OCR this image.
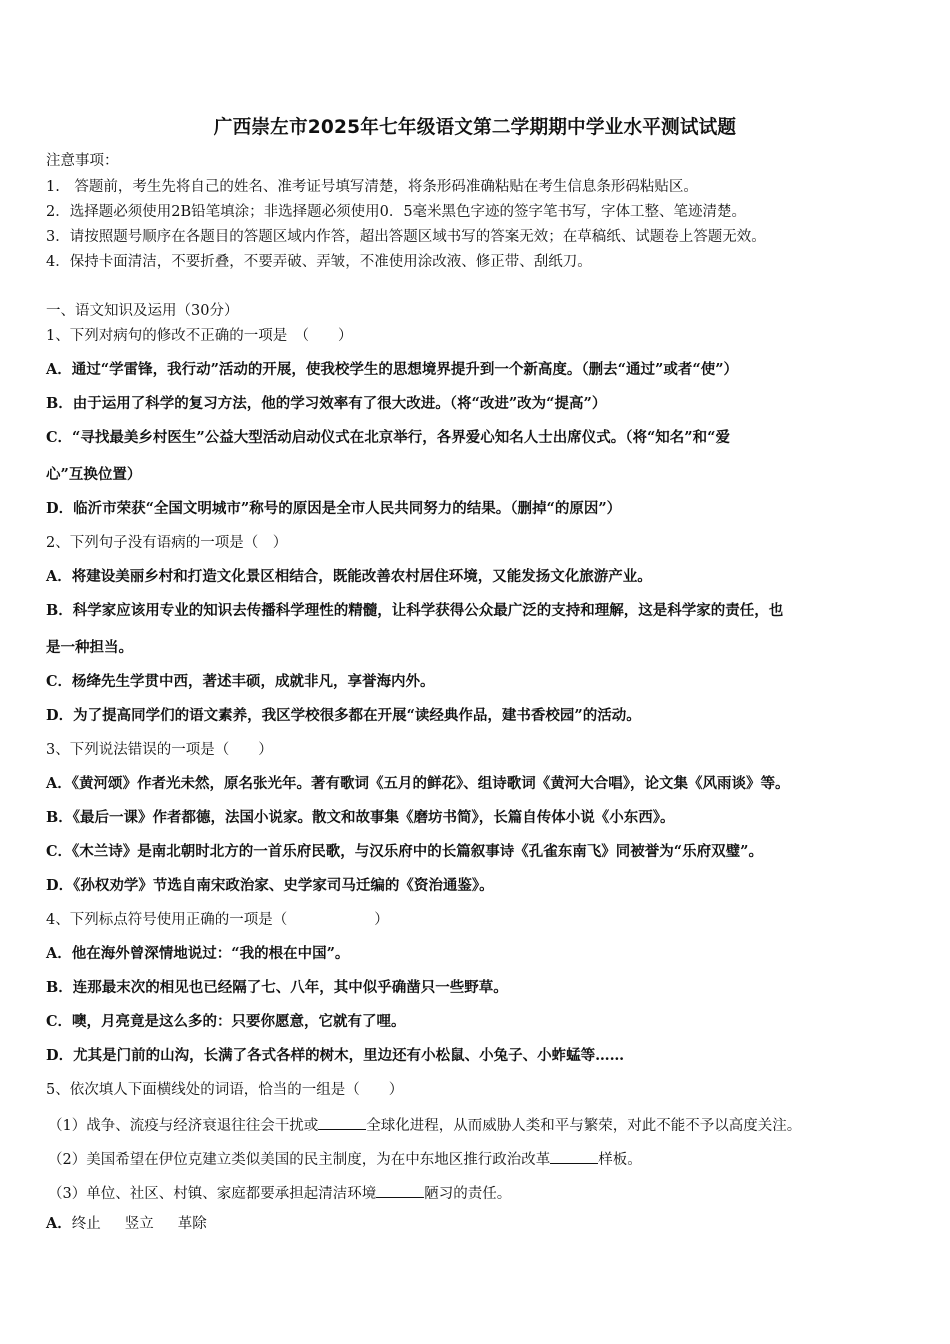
广西崇左市2025年七年级语文第二学期期中学业水平测试试题
注意事项：
1.　答题前，考生先将自己的姓名、准考证号填写清楚，将条形码准确粘贴在考生信息条形码粘贴区。
2．选择题必须使用2B铅笔填涂；非选择题必须使用0．5毫米黑色字迹的签字笔书写，字体工整、笔迹清楚。
3．请按照题号顺序在各题目的答题区域内作答，超出答题区域书写的答案无效；在草稿纸、试题卷上答题无效。
4．保持卡面清洁，不要折叠，不要弄破、弄皱，不准使用涂改液、修正带、刮纸刀。
一、语文知识及运用（30分）
1、下列对病句的修改不正确的一项是　（　　）
A．通过“学雷锋，我行动”活动的开展，使我校学生的思想境界提升到一个新高度。（删去“通过”或者“使”）
B．由于运用了科学的复习方法，他的学习效率有了很大改进。（将“改进”改为“提高”）
C．“寻找最美乡村医生”公益大型活动启动仪式在北京举行，各界爱心知名人士出席仪式。（将“知名”和“爱
心”互换位置）
D．临沂市荣获“全国文明城市”称号的原因是全市人民共同努力的结果。（删掉“的原因”）
2、下列句子没有语病的一项是（　）
A．将建设美丽乡村和打造文化景区相结合，既能改善农村居住环境，又能发扬文化旅游产业。
B．科学家应该用专业的知识去传播科学理性的精髓，让科学获得公众最广泛的支持和理解，这是科学家的责任，也
是一种担当。
C．杨绛先生学贯中西，著述丰硕，成就非凡，享誉海内外。
D．为了提高同学们的语文素养，我区学校很多都在开展“读经典作品，建书香校园”的活动。
3、下列说法错误的一项是（　　）
A．《黄河颂》作者光未然，原名张光年。著有歌词《五月的鲜花》、组诗歌词《黄河大合唱》，论文集《风雨谈》等。
B．《最后一课》作者都德，法国小说家。散文和故事集《磨坊书简》，长篇自传体小说《小东西》。
C．《木兰诗》是南北朝时北方的一首乐府民歌，与汉乐府中的长篇叙事诗《孔雀东南飞》同被誉为“乐府双璧”。
D．《孙权劝学》节选自南宋政治家、史学家司马迁编的《资治通鉴》。
4、下列标点符号使用正确的一项是（　　　　　　）
A．他在海外曾深情地说过：“我的根在中国”。
B．连那最末次的相见也已经隔了七、八年，其中似乎确凿只一些野草。
C．噢，月亮竟是这么多的：只要你愿意，它就有了哩。
D．尤其是门前的山沟，长满了各式各样的树木，里边还有小松鼠、小兔子、小蚱蜢等……
5、依次填人下面横线处的词语，恰当的一组是（　　）
（1）战争、流疫与经济衰退往往会干扰或	全球化进程，从而威胁人类和平与繁荣，对此不能不予以高度关注。
（2）美国希望在伊位克建立类似美国的民主制度，为在中东地区推行政治改革	样板。
（3）单位、社区、村镇、家庭都要承担起清洁环境	陋习的责任。
A．终止 竖立 革除
